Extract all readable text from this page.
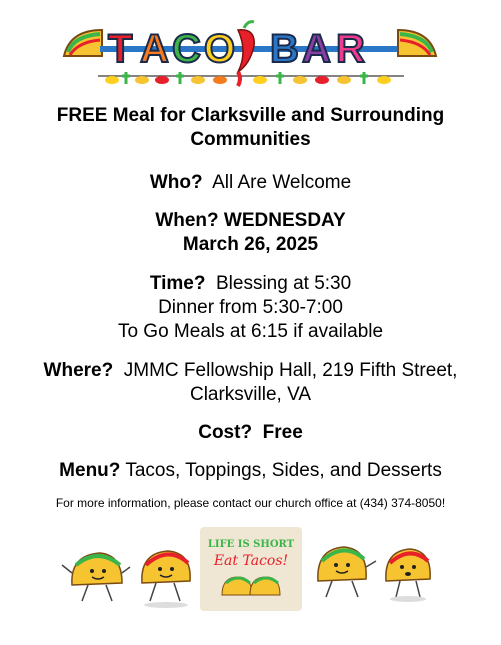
T A C O B A R

FREE Meal for Clarksville and Surrounding Communities

Who? All Are Welcome

When? WEDNESDAY

March 26, 2025

Time? Blessing at 5:30

Dinner from 5:30-7:00

To Go Meals at 6:15 if available

Where? JMMC Fellowship Hall, 219 Fifth Street,

Clarksville, VA

Cost? Free

Menu? Tacos, Toppings, Sides, and Desserts

For more information, please contact our church office at (434) 374-8050!

LIFE IS SHORT
Eat Tacos!
